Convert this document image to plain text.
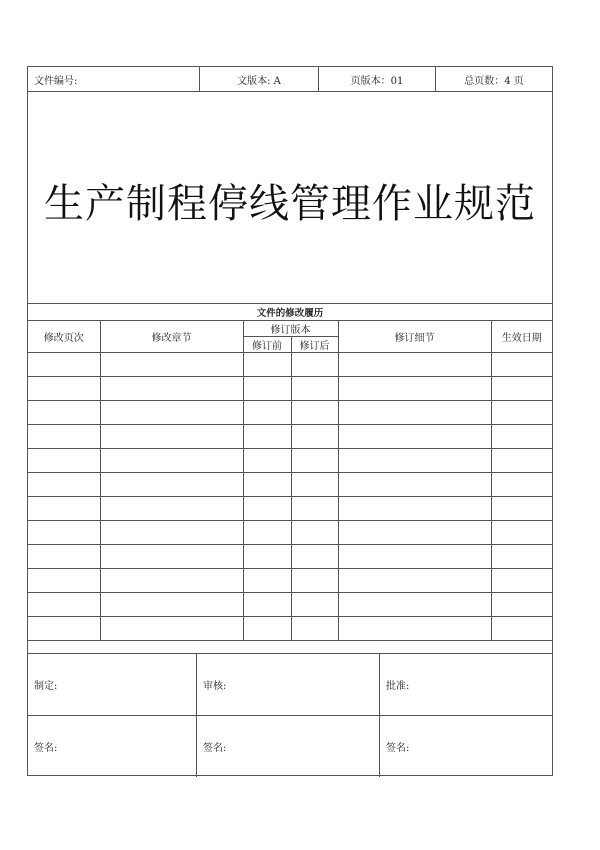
文件编号:	文版本: A	页版本：01	总页数：4 页
生产制程停线管理作业规范
文件的修改履历					
修改页次	修改章节	修订版本		修订细节	生效日期
		修订前	修订后		

制定:	审核:	批准:
签名:	签名:	签名:
